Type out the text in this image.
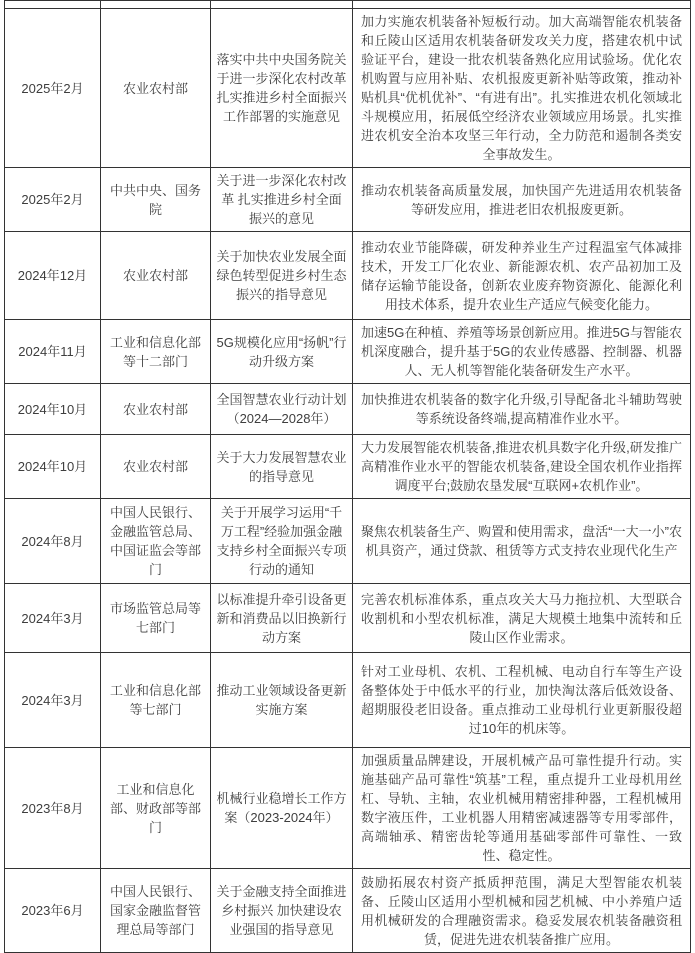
2025年2月	农业农村部	落实中共中央国务院关于进一步深化农村改革 扎实推进乡村全面振兴工作部署的实施意见	加力实施农机装备补短板行动。加大高端智能农机装备和丘陵山区适用农机装备研发攻关力度，搭建农机中试验证平台，建设一批农机装备熟化应用试验场。优化农机购置与应用补贴、农机报废更新补贴等政策，推动补贴机具“优机优补”、“有进有出”。扎实推进农机化领域北斗规模应用，拓展低空经济农业领域应用场景。扎实推进农机安全治本攻坚三年行动，全力防范和遏制各类安全事故发生。
2025年2月	中共中央、国务院	关于进一步深化农村改革 扎实推进乡村全面振兴的意见	推动农机装备高质量发展，加快国产先进适用农机装备等研发应用，推进老旧农机报废更新。
2024年12月	农业农村部	关于加快农业发展全面绿色转型促进乡村生态振兴的指导意见	推动农业节能降碳，研发种养业生产过程温室气体减排技术，开发工厂化农业、新能源农机、农产品初加工及储存运输节能设备，创新农业废弃物资源化、能源化利用技术体系，提升农业生产适应气候变化能力。
2024年11月	工业和信息化部等十二部门	5G规模化应用“扬帆”行动升级方案	加速5G在种植、养殖等场景创新应用。推进5G与智能农机深度融合，提升基于5G的农业传感器、控制器、机器人、无人机等智能化装备研发生产水平。
2024年10月	农业农村部	全国智慧农业行动计划（2024—2028年）	加快推进农机装备的数字化升级,引导配备北斗辅助驾驶等系统设备终端,提高精准作业水平。
2024年10月	农业农村部	关于大力发展智慧农业的指导意见	大力发展智能农机装备,推进农机具数字化升级,研发推广高精准作业水平的智能农机装备,建设全国农机作业指挥调度平台;鼓励农垦发展“互联网+农机作业”。
2024年8月	中国人民银行、金融监管总局、中国证监会等部门	关于开展学习运用“千万工程”经验加强金融支持乡村全面振兴专项行动的通知	聚焦农机装备生产、购置和使用需求，盘活“一大一小”农机具资产，通过贷款、租赁等方式支持农业现代化生产
2024年3月	市场监管总局等七部门	以标准提升牵引设备更新和消费品以旧换新行动方案	完善农机标准体系，重点攻关大马力拖拉机、大型联合收割机和小型农机标准，满足大规模土地集中流转和丘陵山区作业需求。
2024年3月	工业和信息化部等七部门	推动工业领域设备更新实施方案	针对工业母机、农机、工程机械、电动自行车等生产设备整体处于中低水平的行业，加快淘汰落后低效设备、超期服役老旧设备。重点推动工业母机行业更新服役超过10年的机床等。
2023年8月	工业和信息化部、财政部等部门	机械行业稳增长工作方案（2023-2024年）	加强质量品牌建设，开展机械产品可靠性提升行动。实施基础产品可靠性“筑基”工程，重点提升工业母机用丝杠、导轨、主轴，农业机械用精密排种器，工程机械用数字液压件，工业机器人用精密减速器等专用零部件，高端轴承、精密齿轮等通用基础零部件可靠性、一致性、稳定性。
2023年6月	中国人民银行、国家金融监督管理总局等部门	关于金融支持全面推进乡村振兴 加快建设农业强国的指导意见	鼓励拓展农村资产抵质押范围，满足大型智能农机装备、丘陵山区适用小型机械和园艺机械、中小养殖户适用机械研发的合理融资需求。稳妥发展农机装备融资租赁，促进先进农机装备推广应用。
